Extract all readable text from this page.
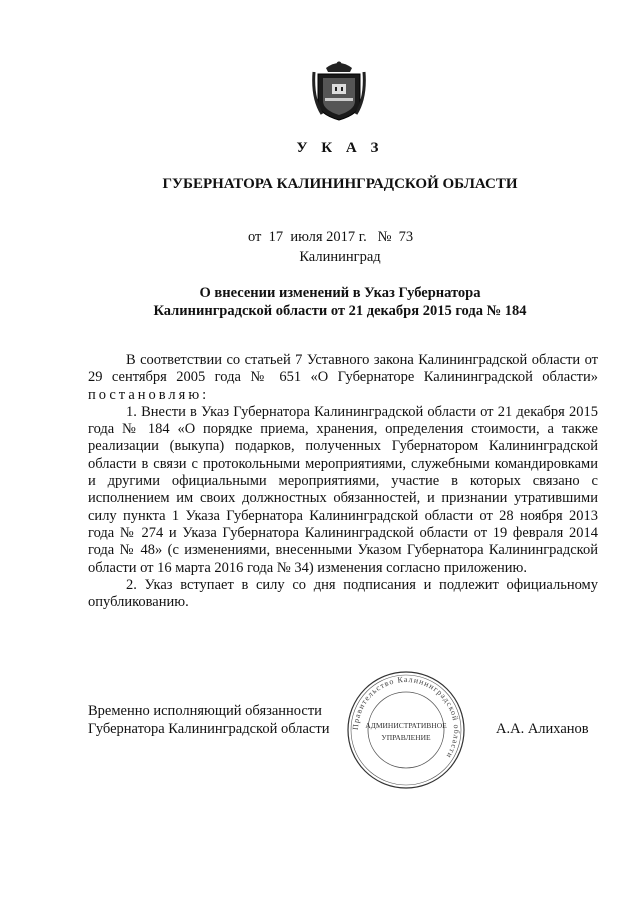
У К А З
ГУБЕРНАТОРА КАЛИНИНГРАДСКОЙ ОБЛАСТИ
от  17  июля 2017 г.   №  73
Калининград
О внесении изменений в Указ Губернатора
Калининградской области от 21 декабря 2015 года № 184

В соответствии со статьей 7 Уставного закона Калининградской области от 29 сентября 2005 года № 651 «О Губернаторе Калининградской области» постановляю:

1. Внести в Указ Губернатора Калининградской области от 21 декабря 2015 года № 184 «О порядке приема, хранения, определения стоимости, а также реализации (выкупа) подарков, полученных Губернатором Калининградской области в связи с протокольными мероприятиями, служебными командировками и другими официальными мероприятиями, участие в которых связано с исполнением им своих должностных обязанностей, и признании утратившими силу пункта 1 Указа Губернатора Калининградской области от 28 ноября 2013 года № 274 и Указа Губернатора Калининградской области от 19 февраля 2014 года № 48» (с изменениями, внесенными Указом Губернатора Калининградской области от 16 марта 2016 года № 34) изменения согласно приложению.

2. Указ вступает в силу со дня подписания и подлежит официальному опубликованию.

Временно исполняющий обязанности
Губернатора Калининградской области	Правительство Калининградской области
АДМИНИСТРАТИВНОЕ
УПРАВЛЕНИЕ
А.А. Алиханов
